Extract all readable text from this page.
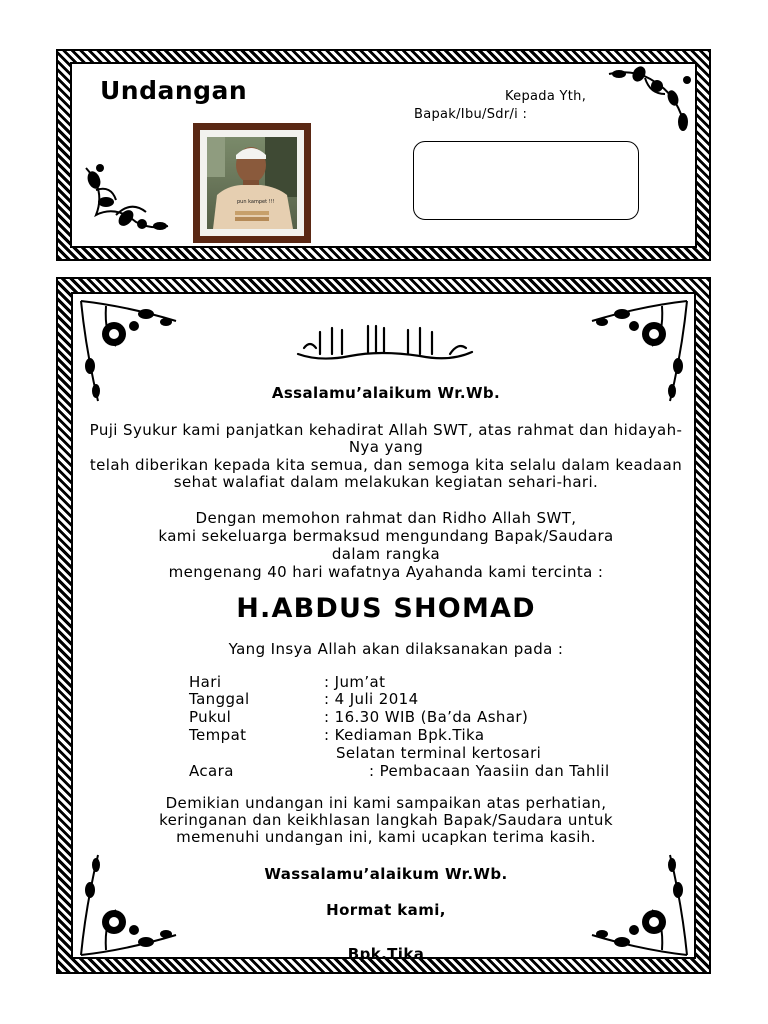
Undangan	Kepada Yth,
Bapak/Ibu/Sdr/i :
pun kampet !!!
Assalamu’alaikum Wr.Wb.
Puji Syukur kami panjatkan kehadirat Allah SWT, atas rahmat dan hidayah-
Nya yang
telah diberikan kepada kita semua, dan semoga kita selalu dalam keadaan
sehat walafiat dalam melakukan kegiatan sehari-hari.
Dengan memohon rahmat dan Ridho Allah SWT,
kami sekeluarga bermaksud mengundang Bapak/Saudara
dalam rangka
mengenang 40 hari wafatnya Ayahanda kami tercinta :
H.ABDUS SHOMAD
Yang Insya Allah akan dilaksanakan pada :
Hari	: Jum’at
Tanggal	: 4 Juli 2014
Pukul	: 16.30 WIB (Ba’da Ashar)
Tempat	: Kediaman Bpk.Tika
Selatan terminal kertosari
Acara	: Pembacaan Yaasiin dan Tahlil
Demikian undangan ini kami sampaikan atas perhatian,
keringanan dan keikhlasan langkah Bapak/Saudara untuk
memenuhi undangan ini, kami ucapkan terima kasih.
Wassalamu’alaikum Wr.Wb.
Hormat kami,
Bpk.Tika
